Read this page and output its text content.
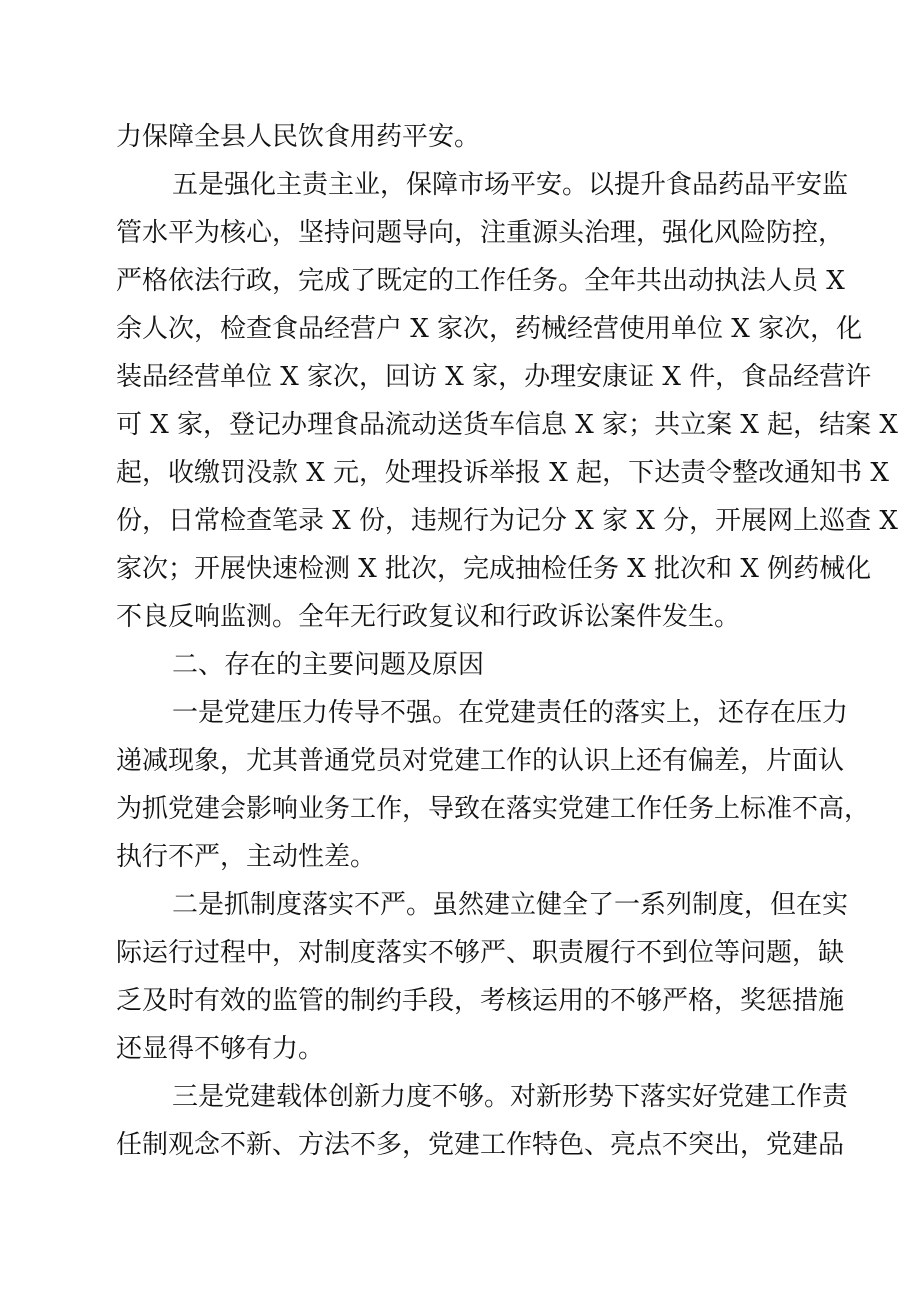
力保障全县人民饮食用药平安。
五是强化主责主业，保障市场平安。以提升食品药品平安监
管水平为核心，坚持问题导向，注重源头治理，强化风险防控，
严格依法行政，完成了既定的工作任务。全年共出动执法人员 X
余人次，检查食品经营户 X 家次，药械经营使用单位 X 家次，化
装品经营单位 X 家次，回访 X 家，办理安康证 X 件，食品经营许
可 X 家，登记办理食品流动送货车信息 X 家；共立案 X 起，结案 X
起，收缴罚没款 X 元，处理投诉举报 X 起，下达责令整改通知书 X
份，日常检查笔录 X 份，违规行为记分 X 家 X 分，开展网上巡查 X
家次；开展快速检测 X 批次，完成抽检任务 X 批次和 X 例药械化
不良反响监测。全年无行政复议和行政诉讼案件发生。
二、存在的主要问题及原因
一是党建压力传导不强。在党建责任的落实上，还存在压力
递减现象，尤其普通党员对党建工作的认识上还有偏差，片面认
为抓党建会影响业务工作，导致在落实党建工作任务上标准不高，
执行不严，主动性差。
二是抓制度落实不严。虽然建立健全了一系列制度，但在实
际运行过程中，对制度落实不够严、职责履行不到位等问题，缺
乏及时有效的监管的制约手段，考核运用的不够严格，奖惩措施
还显得不够有力。
三是党建载体创新力度不够。对新形势下落实好党建工作责
任制观念不新、方法不多，党建工作特色、亮点不突出，党建品
